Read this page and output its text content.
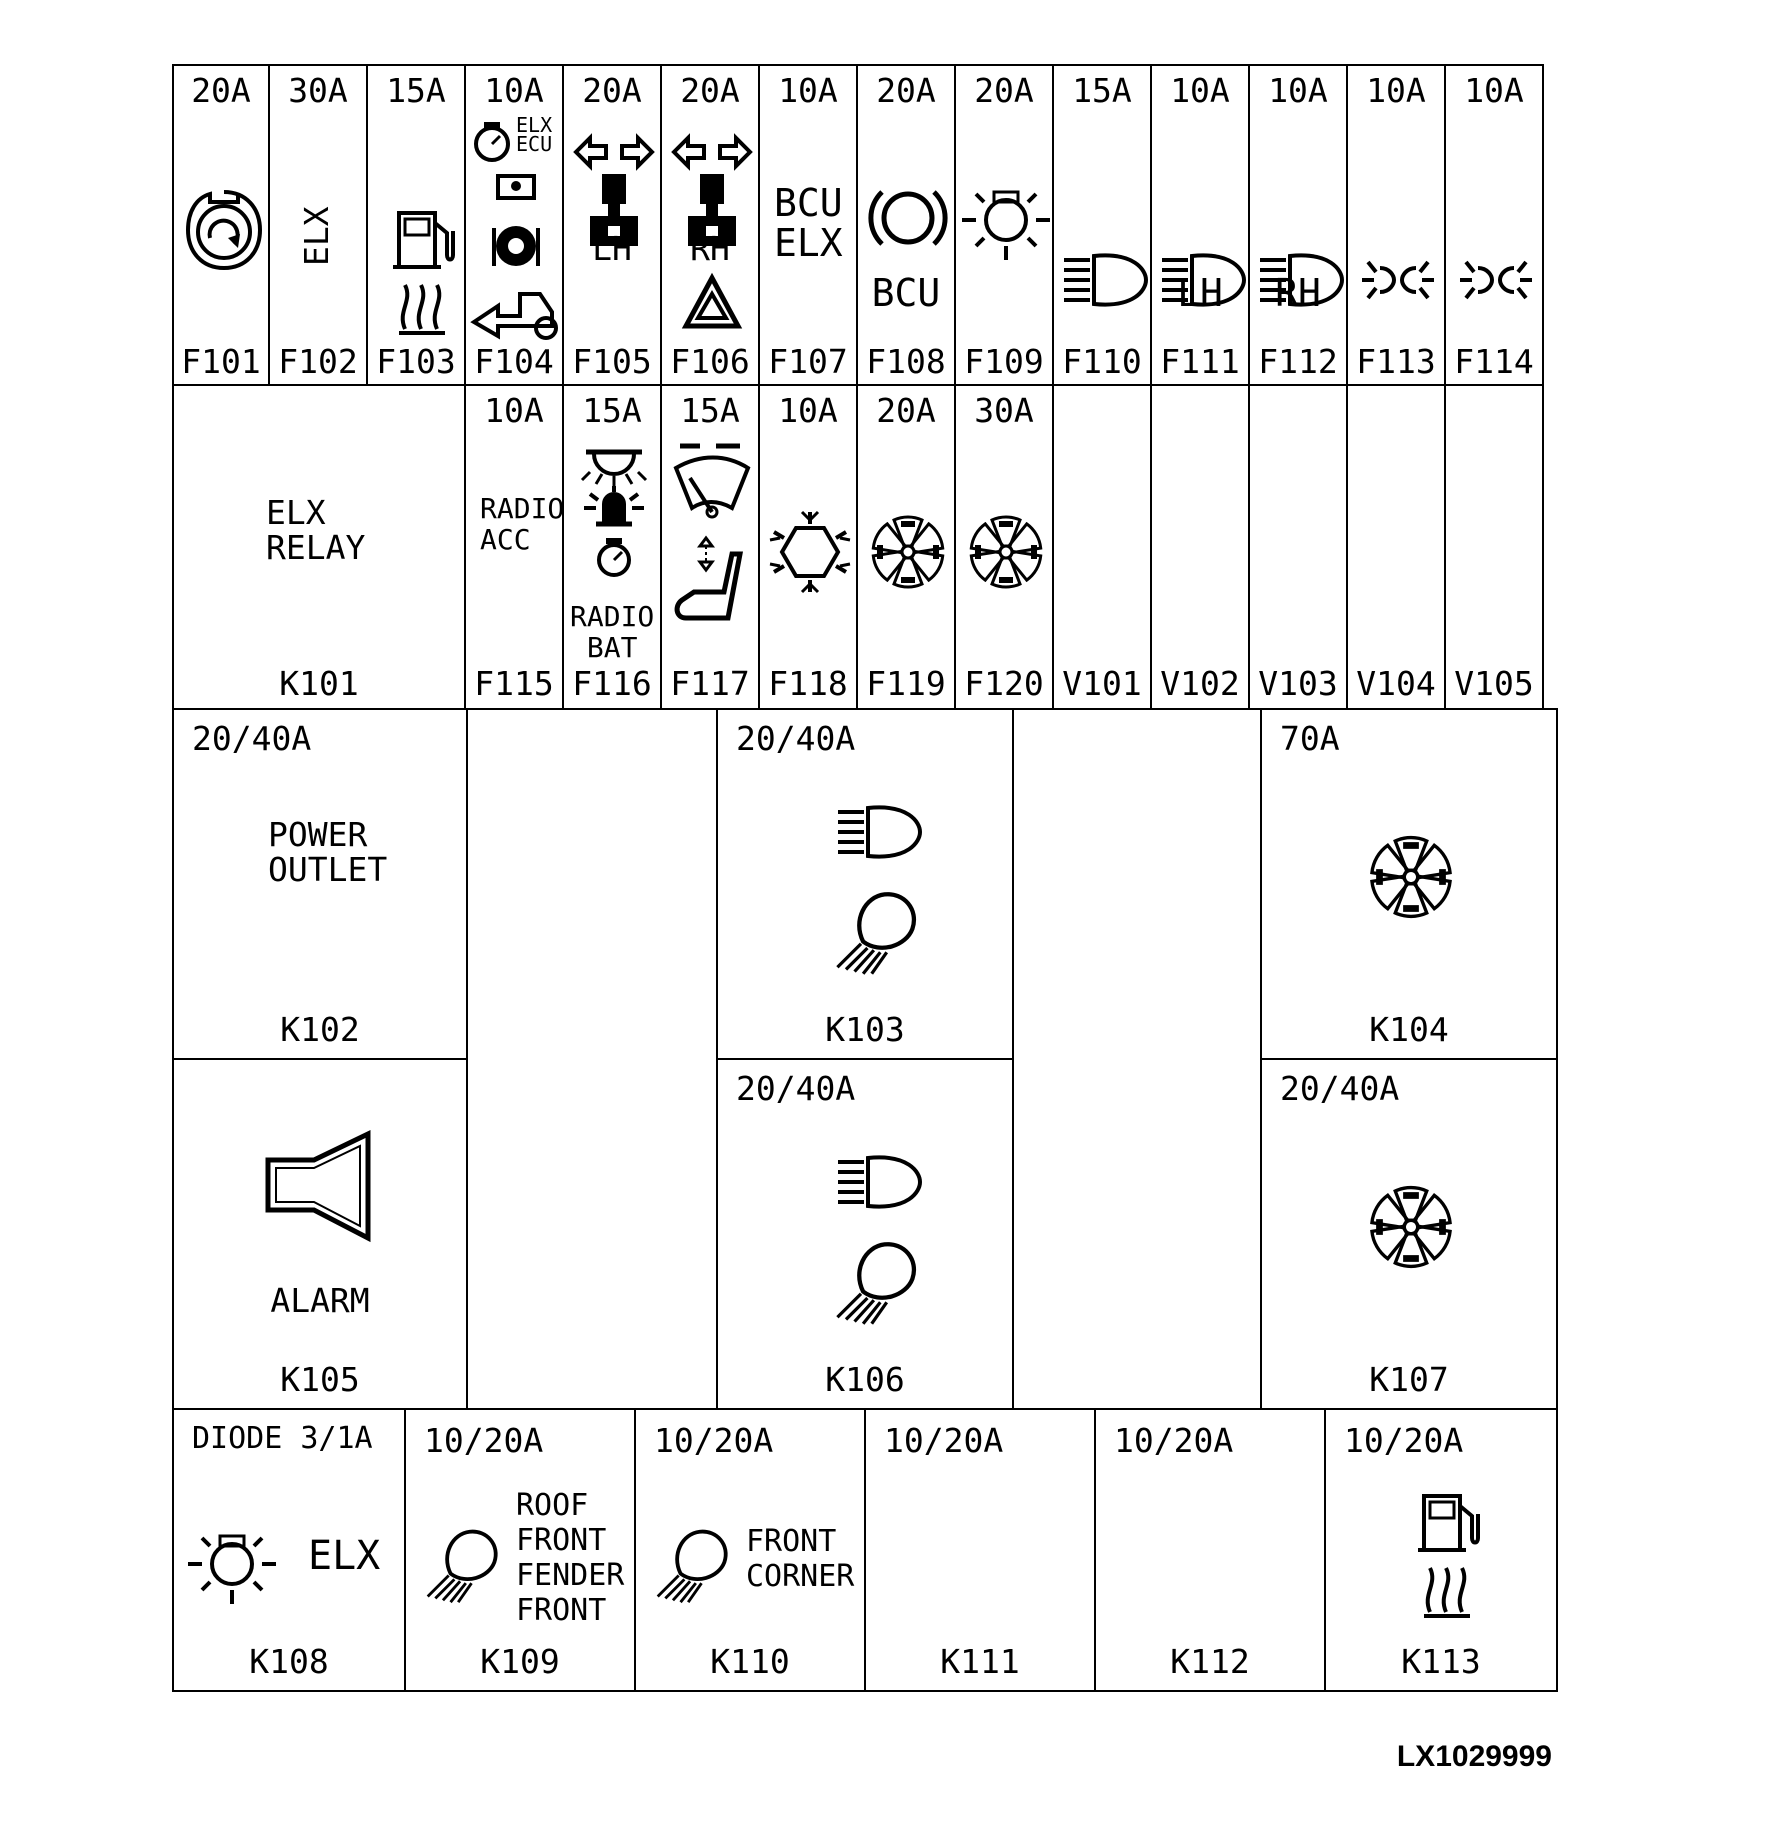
20A
F101
30A
ELX
F102
15A
F103
10A
ELX
ECU
F104
20A
LH
F105
20A
RH
F106
10A
BCU
ELX
F107
20A
BCU
F108
20A
F109
15A
F110
10A
LH
F111
10A
RH
F112
10A
F113
10A
F114
ELX
RELAY
K101
10A
RADIO
ACC
F115
15A
RADIO
BAT
F116
15A
F117
10A
F118
20A
F119
30A
F120 V101 V102 V103 V104 V105
20/40A
POWER
OUTLET
K102
ALARM
K105
20/40A
K103
20/40A
K106
70A
K104
20/40A
K107
DIODE 3/1A
ELX
K108
10/20A
ROOF
FRONT
FENDER
FRONT
K109
10/20A
FRONT
CORNER
K110
10/20A
K111
10/20A
K112
10/20A
K113
LX1029999
